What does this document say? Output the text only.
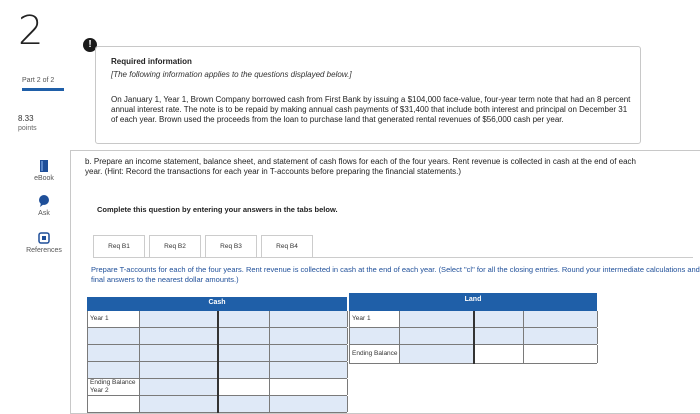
2	!
Part 2 of 2
8.33
points
eBook
Ask
References
Required information
[The following information applies to the questions displayed below.]
On January 1, Year 1, Brown Company borrowed cash from First Bank by issuing a $104,000 face-value, four-year term note that had an 8 percent annual interest rate. The note is to be repaid by making annual cash payments of $31,400 that include both interest and principal on December 31 of each year. Brown used the proceeds from the loan to purchase land that generated rental revenues of $56,000 cash per year.
b. Prepare an income statement, balance sheet, and statement of cash flows for each of the four years. Rent revenue is collected in cash at the end of each year. (Hint: Record the transactions for each year in T-accounts before preparing the financial statements.)
Complete this question by entering your answers in the tabs below.
Req B1	Req B2	Req B3	Req B4
Prepare T-accounts for each of the four years. Rent revenue is collected in cash at the end of each year. (Select "cl" for all the closing entries. Round your intermediate calculations and final answers to the nearest dollar amounts.)
Cash
Year 1
Ending Balance
Year 2
Land
Year 1
Ending Balance
